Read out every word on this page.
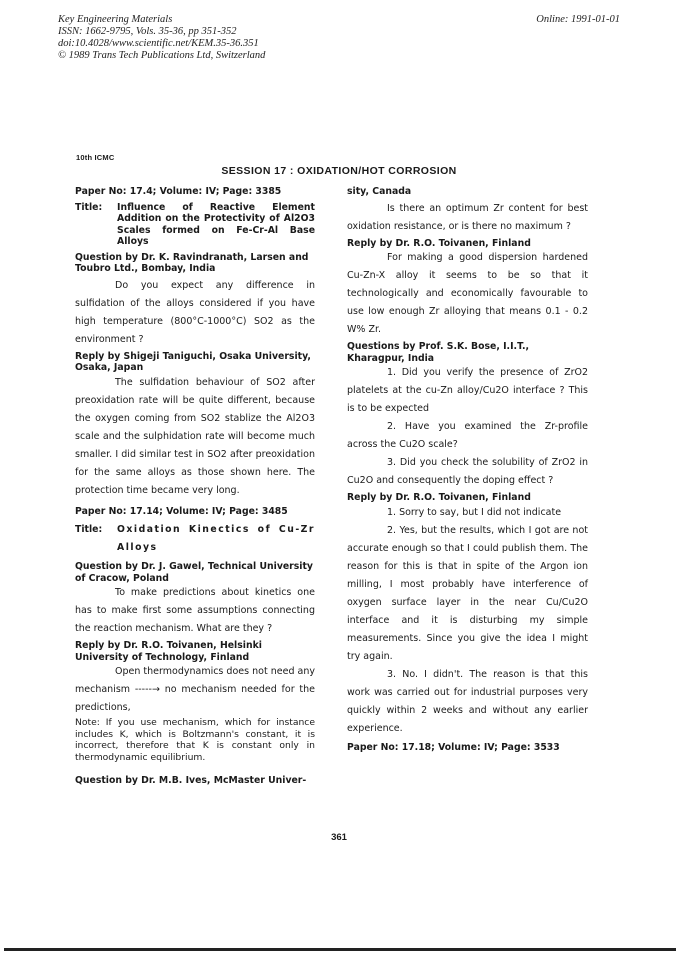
Key Engineering Materials
ISSN: 1662-9795, Vols. 35-36, pp 351-352
doi:10.4028/www.scientific.net/KEM.35-36.351
© 1989 Trans Tech Publications Ltd, Switzerland
Online: 1991-01-01
10th ICMC
SESSION 17 : OXIDATION/HOT CORROSION
Paper No: 17.4; Volume: IV; Page: 3385
Title:	Influence of Reactive Element Addition on the Protectivity of Al2O3 Scales formed on Fe-Cr-Al Base Alloys
Question by Dr. K. Ravindranath, Larsen and Toubro Ltd., Bombay, India
Do you expect any difference in sulfidation of the alloys considered if you have high temperature (800°C-1000°C) SO2 as the environment ?
Reply by Shigeji Taniguchi, Osaka University, Osaka, Japan
The sulfidation behaviour of SO2 after preoxidation rate will be quite different, because the oxygen coming from SO2 stablize the Al2O3 scale and the sulphidation rate will become much smaller. I did similar test in SO2 after preoxidation for the same alloys as those shown here. The protection time became very long.
Paper No: 17.14; Volume: IV; Page: 3485
Title:	Oxidation Kinectics of Cu-Zr Alloys
Question by Dr. J. Gawel, Technical University of Cracow, Poland
To make predictions about kinetics one has to make first some assumptions connecting the reaction mechanism. What are they ?
Reply by Dr. R.O. Toivanen, Helsinki University of Technology, Finland
Open thermodynamics does not need any mechanism -----→ no mechanism needed for the predictions,
Note: If you use mechanism, which for instance includes K, which is Boltzmann's constant, it is incorrect, therefore that K is constant only in thermodynamic equilibrium.
Question by Dr. M.B. Ives, McMaster Univer-
sity, Canada
Is there an optimum Zr content for best oxidation resistance, or is there no maximum ?
Reply by Dr. R.O. Toivanen, Finland
For making a good dispersion hardened Cu-Zn-X alloy it seems to be so that it technologically and economically favourable to use low enough Zr alloying that means 0.1 - 0.2 W% Zr.
Questions by Prof. S.K. Bose, I.I.T., Kharagpur, India
1. Did you verify the presence of ZrO2 platelets at the cu-Zn alloy/Cu2O interface ? This is to be expected
2. Have you examined the Zr-profile across the Cu2O scale?
3. Did you check the solubility of ZrO2 in Cu2O and consequently the doping effect ?
Reply by Dr. R.O. Toivanen, Finland
1. Sorry to say, but I did not indicate
2. Yes, but the results, which I got are not accurate enough so that I could publish them. The reason for this is that in spite of the Argon ion milling, I most probably have interference of oxygen surface layer in the near Cu/Cu2O interface and it is disturbing my simple measurements. Since you give the idea I might try again.
3. No. I didn't. The reason is that this work was carried out for industrial purposes very quickly within 2 weeks and without any earlier experience.
Paper No: 17.18; Volume: IV; Page: 3533
361
